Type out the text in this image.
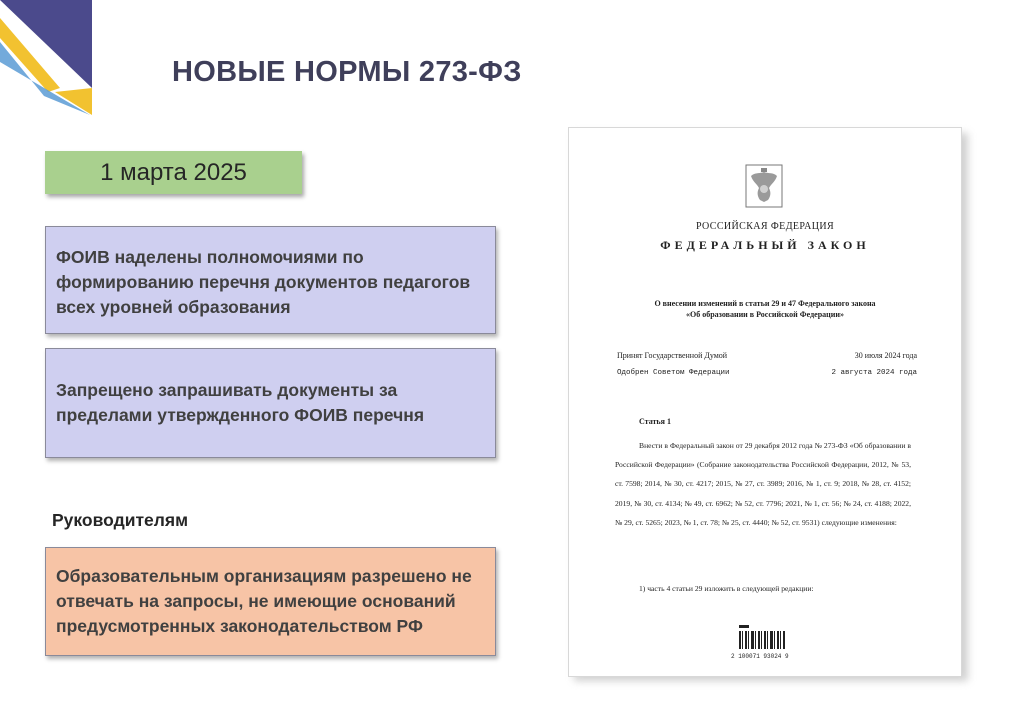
НОВЫЕ НОРМЫ 273-ФЗ
1 марта 2025
ФОИВ наделены полномочиями по формированию перечня документов педагогов всех уровней образования
Запрещено запрашивать документы за пределами утвержденного ФОИВ перечня
Руководителям
Образовательным организациям разрешено не отвечать на запросы, не имеющие оснований предусмотренных законодательством РФ
РОССИЙСКАЯ ФЕДЕРАЦИЯ
ФЕДЕРАЛЬНЫЙ ЗАКОН
О внесении изменений в статьи 29 и 47 Федерального закона
«Об образовании в Российской Федерации»
Принят Государственной Думой	30 июля 2024 года
Одобрен Советом Федерации	2 августа 2024 года
Статья 1

Внести в Федеральный закон от 29 декабря 2012 года № 273-ФЗ «Об образовании в Российской Федерации» (Собрание законодательства Российской Федерации, 2012, № 53, ст. 7598; 2014, № 30, ст. 4217; 2015, № 27, ст. 3989; 2016, № 1, ст. 9; 2018, № 28, ст. 4152; 2019, № 30, ст. 4134; № 49, ст. 6962; № 52, ст. 7796; 2021, № 1, ст. 56; № 24, ст. 4188; 2022, № 29, ст. 5265; 2023, № 1, ст. 78; № 25, ст. 4440; № 52, ст. 9531) следующие изменения:

1) часть 4 статьи 29 изложить в следующей редакции:
2 100071 93024 9
